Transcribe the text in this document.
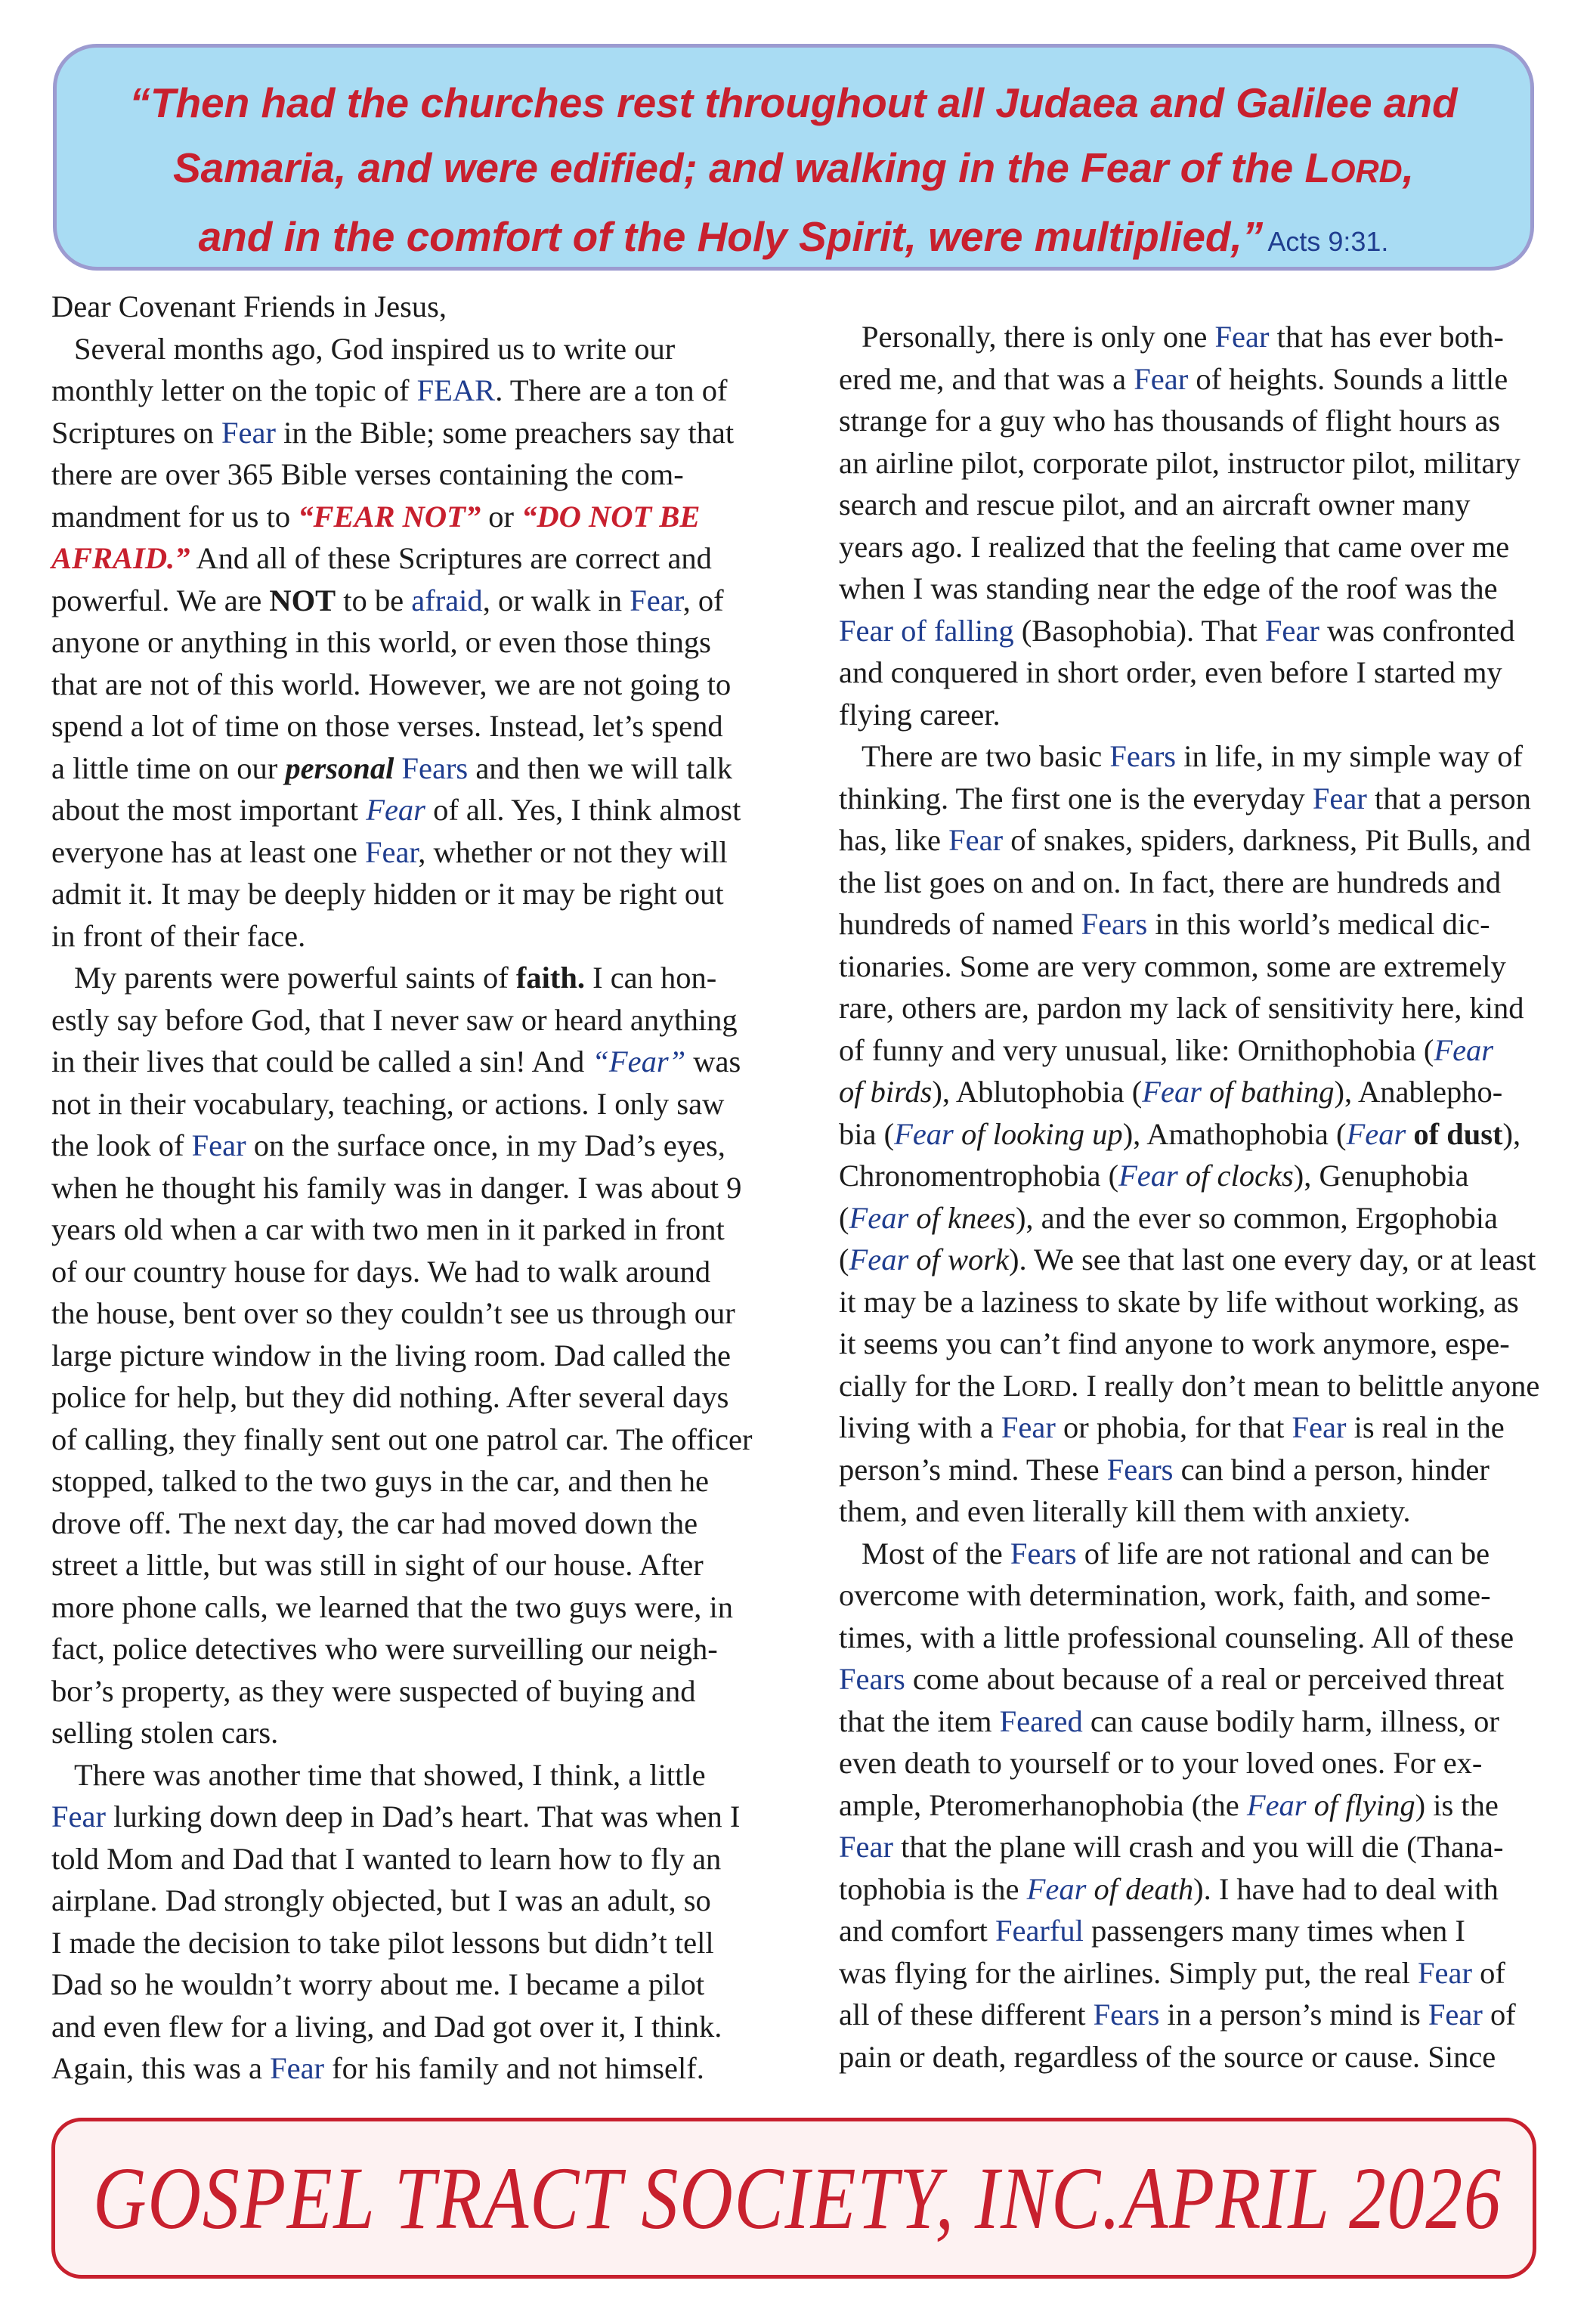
“Then had the churches rest throughout all Judaea and Galilee and
Samaria, and were edified; and walking in the Fear of the LORD,
and in the comfort of the Holy Spirit, were multiplied,” Acts 9:31.
Dear Covenant Friends in Jesus,
Several months ago, God inspired us to write our
monthly letter on the topic of FEAR. There are a ton of
Scriptures on Fear in the Bible; some preachers say that
there are over 365 Bible verses containing the com-
mandment for us to “FEAR NOT” or “DO NOT BE
AFRAID.” And all of these Scriptures are correct and
powerful. We are NOT to be afraid, or walk in Fear, of
anyone or anything in this world, or even those things
that are not of this world. However, we are not going to
spend a lot of time on those verses. Instead, let’s spend
a little time on our personal Fears and then we will talk
about the most important Fear of all. Yes, I think almost
everyone has at least one Fear, whether or not they will
admit it. It may be deeply hidden or it may be right out
in front of their face.
My parents were powerful saints of faith. I can hon-
estly say before God, that I never saw or heard anything
in their lives that could be called a sin! And “Fear” was
not in their vocabulary, teaching, or actions. I only saw
the look of Fear on the surface once, in my Dad’s eyes,
when he thought his family was in danger. I was about 9
years old when a car with two men in it parked in front
of our country house for days. We had to walk around
the house, bent over so they couldn’t see us through our
large picture window in the living room. Dad called the
police for help, but they did nothing. After several days
of calling, they finally sent out one patrol car. The officer
stopped, talked to the two guys in the car, and then he
drove off. The next day, the car had moved down the
street a little, but was still in sight of our house. After
more phone calls, we learned that the two guys were, in
fact, police detectives who were surveilling our neigh-
bor’s property, as they were suspected of buying and
selling stolen cars.
There was another time that showed, I think, a little
Fear lurking down deep in Dad’s heart. That was when I
told Mom and Dad that I wanted to learn how to fly an
airplane. Dad strongly objected, but I was an adult, so
I made the decision to take pilot lessons but didn’t tell
Dad so he wouldn’t worry about me. I became a pilot
and even flew for a living, and Dad got over it, I think.
Again, this was a Fear for his family and not himself.
Personally, there is only one Fear that has ever both-
ered me, and that was a Fear of heights. Sounds a little
strange for a guy who has thousands of flight hours as
an airline pilot, corporate pilot, instructor pilot, military
search and rescue pilot, and an aircraft owner many
years ago. I realized that the feeling that came over me
when I was standing near the edge of the roof was the
Fear of falling (Basophobia). That Fear was confronted
and conquered in short order, even before I started my
flying career.
There are two basic Fears in life, in my simple way of
thinking. The first one is the everyday Fear that a person
has, like Fear of snakes, spiders, darkness, Pit Bulls, and
the list goes on and on. In fact, there are hundreds and
hundreds of named Fears in this world’s medical dic-
tionaries. Some are very common, some are extremely
rare, others are, pardon my lack of sensitivity here, kind
of funny and very unusual, like: Ornithophobia (Fear
of birds), Ablutophobia (Fear of bathing), Anablepho-
bia (Fear of looking up), Amathophobia (Fear of dust),
Chronomentrophobia (Fear of clocks), Genuphobia
(Fear of knees), and the ever so common, Ergophobia
(Fear of work). We see that last one every day, or at least
it may be a laziness to skate by life without working, as
it seems you can’t find anyone to work anymore, espe-
cially for the LORD. I really don’t mean to belittle anyone
living with a Fear or phobia, for that Fear is real in the
person’s mind. These Fears can bind a person, hinder
them, and even literally kill them with anxiety.
Most of the Fears of life are not rational and can be
overcome with determination, work, faith, and some-
times, with a little professional counseling. All of these
Fears come about because of a real or perceived threat
that the item Feared can cause bodily harm, illness, or
even death to yourself or to your loved ones. For ex-
ample, Pteromerhanophobia (the Fear of flying) is the
Fear that the plane will crash and you will die (Thana-
tophobia is the Fear of death). I have had to deal with
and comfort Fearful passengers many times when I
was flying for the airlines. Simply put, the real Fear of
all of these different Fears in a person’s mind is Fear of
pain or death, regardless of the source or cause. Since
GOSPEL TRACT SOCIETY, INC. APRIL 2026
